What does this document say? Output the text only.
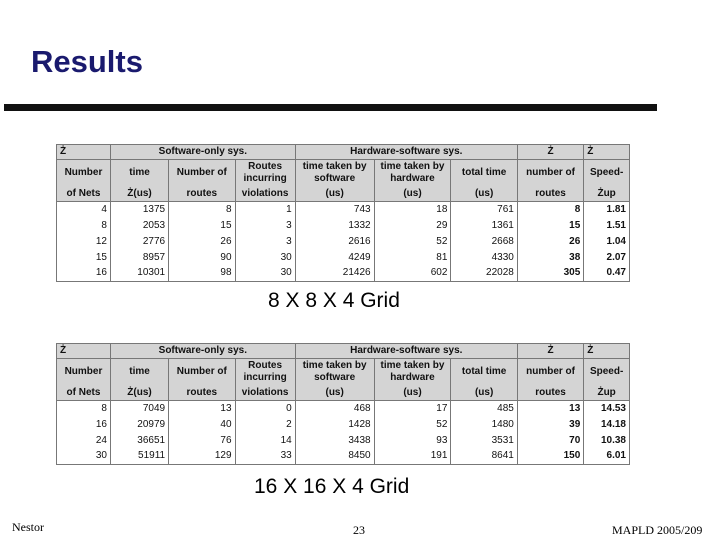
Results
Ż	Software-only sys.			Hardware-software sys.			Ż	Ż
Number	time	Number of	Routes incurring	time taken by software	time taken by hardware	total time	number of	Speed-
of Nets	Ż(us)	routes	violations	(us)	(us)	(us)	routes	Żup
4	1375	8	1	743	18	761	8	1.81
8	2053	15	3	1332	29	1361	15	1.51
12	2776	26	3	2616	52	2668	26	1.04
15	8957	90	30	4249	81	4330	38	2.07
16	10301	98	30	21426	602	22028	305	0.47
8 X 8 X 4 Grid
Ż	Software-only sys.			Hardware-software sys.			Ż	Ż
Number	time	Number of	Routes incurring	time taken by software	time taken by hardware	total time	number of	Speed-
of Nets	Ż(us)	routes	violations	(us)	(us)	(us)	routes	Żup
8	7049	13	0	468	17	485	13	14.53
16	20979	40	2	1428	52	1480	39	14.18
24	36651	76	14	3438	93	3531	70	10.38
30	51911	129	33	8450	191	8641	150	6.01
16 X 16 X 4 Grid
Nestor	23	MAPLD 2005/209
